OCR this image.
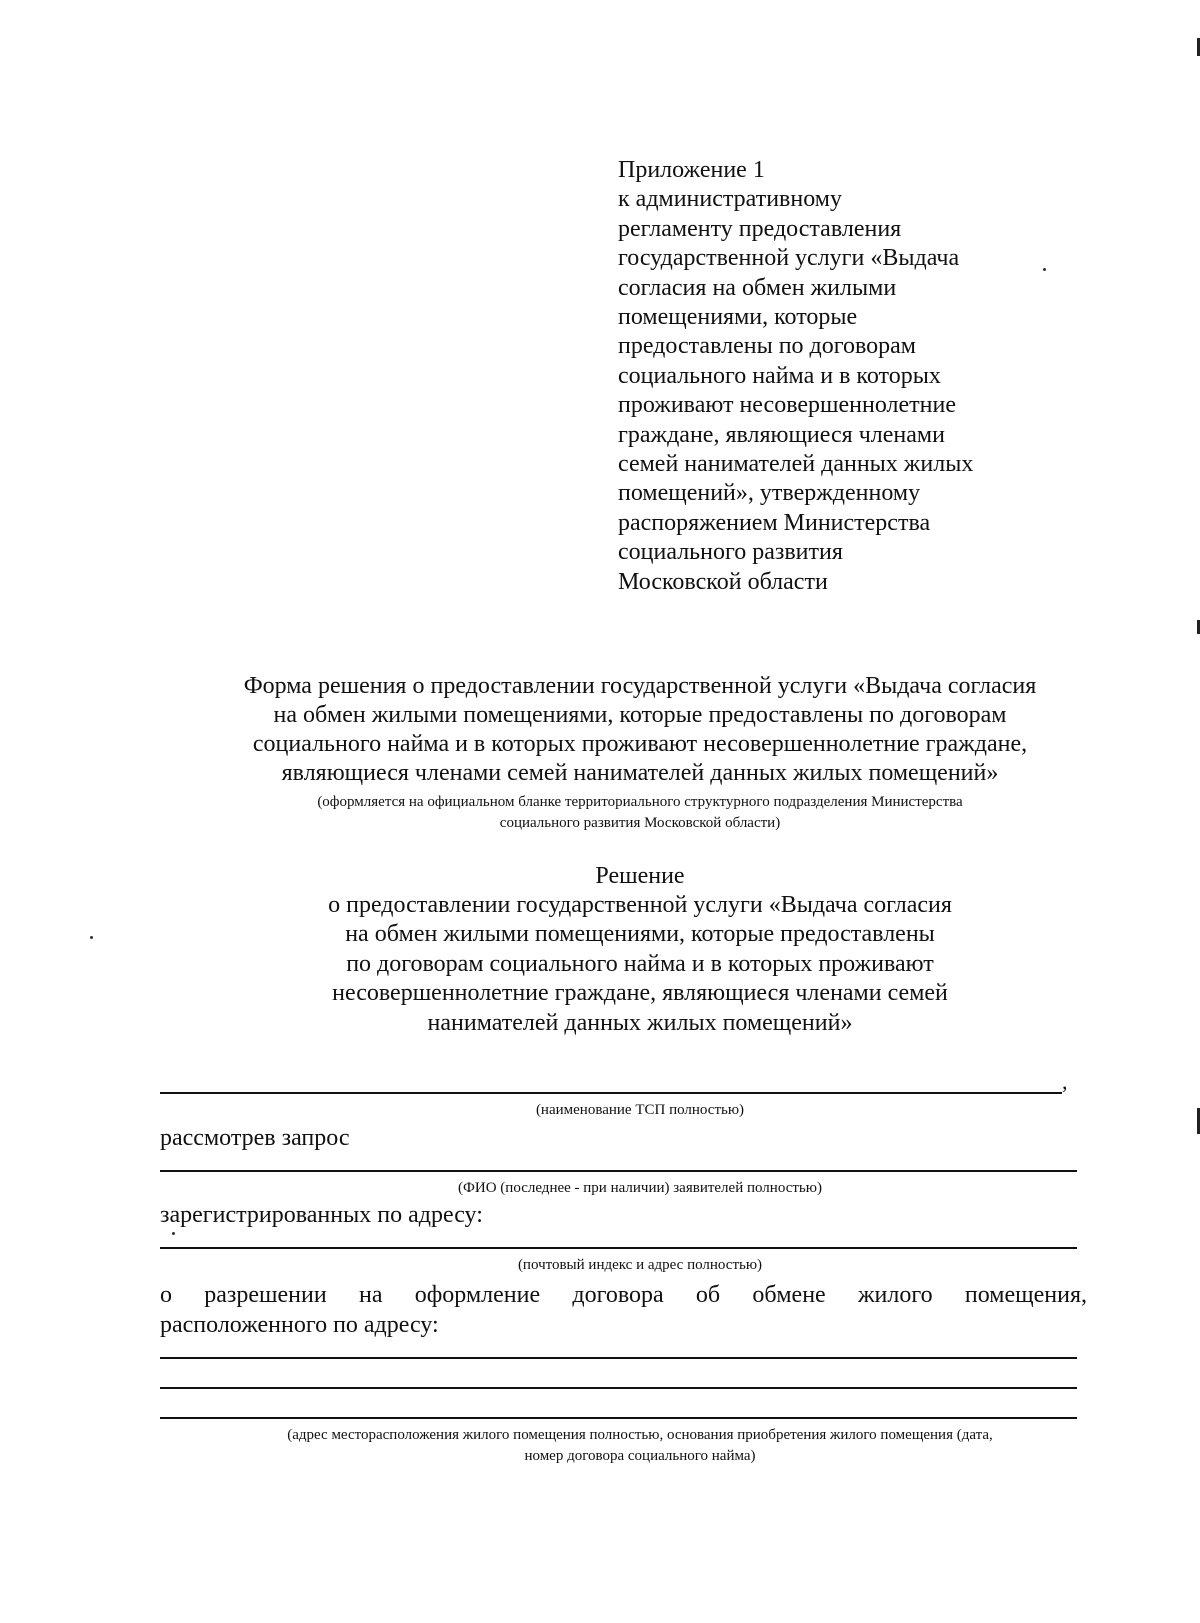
Приложение 1
к административному
регламенту предоставления
государственной услуги «Выдача
согласия на обмен жилыми
помещениями, которые
предоставлены по договорам
социального найма и в которых
проживают несовершеннолетние
граждане, являющиеся членами
семей нанимателей данных жилых
помещений», утвержденному
распоряжением Министерства
социального развития
Московской области
Форма решения о предоставлении государственной услуги «Выдача согласия
на обмен жилыми помещениями, которые предоставлены по договорам
социального найма и в которых проживают несовершеннолетние граждане,
являющиеся членами семей нанимателей данных жилых помещений»
(оформляется на официальном бланке территориального структурного подразделения Министерства
социального развития Московской области)
Решение
о предоставлении государственной услуги «Выдача согласия
на обмен жилыми помещениями, которые предоставлены
по договорам социального найма и в которых проживают
несовершеннолетние граждане, являющиеся членами семей
нанимателей данных жилых помещений»
,
(наименование ТСП полностью)
рассмотрев запрос
(ФИО (последнее - при наличии) заявителей полностью)
зарегистрированных по адресу:
(почтовый индекс и адрес полностью)
о разрешении на оформление договора об обмене жилого помещения,
расположенного по адресу:
(адрес месторасположения жилого помещения полностью, основания приобретения жилого помещения (дата,
номер договора социального найма)
